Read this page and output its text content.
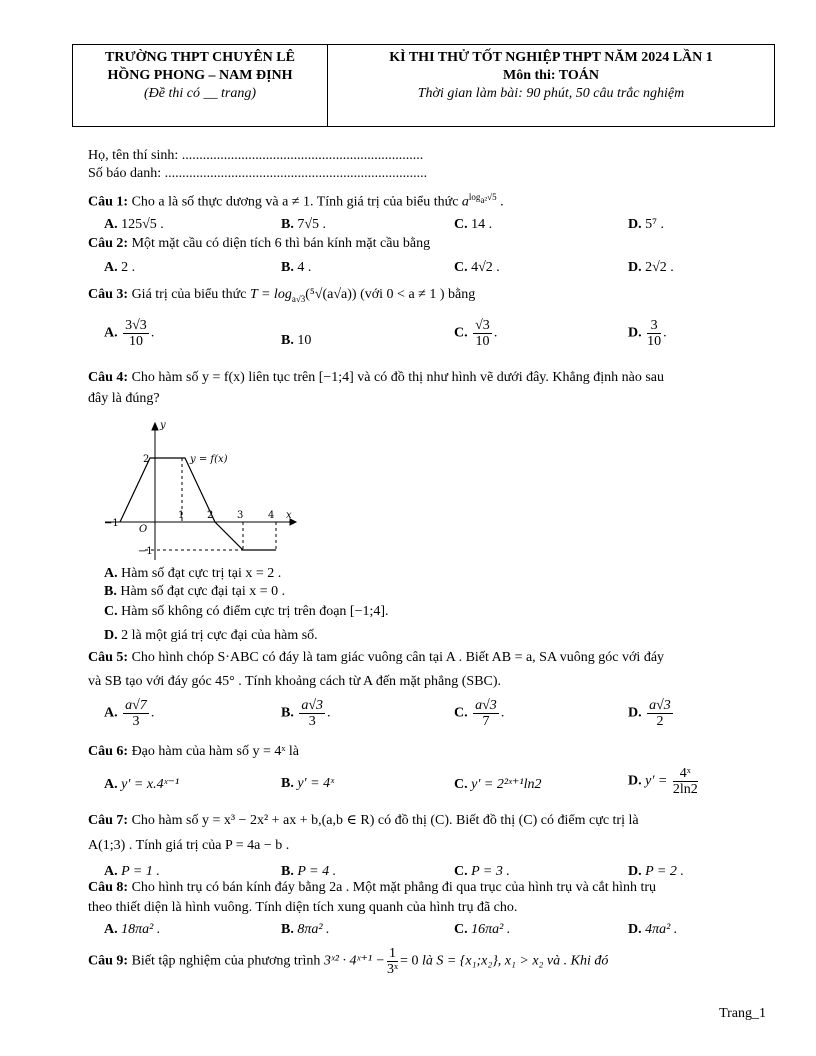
TRƯỜNG THPT CHUYÊN LÊ
HỒNG PHONG – NAM ĐỊNH
(Đề thi có __ trang)
KÌ THI THỬ TỐT NGHIỆP THPT NĂM 2024 LẦN 1
Môn thi: TOÁN
Thời gian làm bài: 90 phút, 50 câu trắc nghiệm
Họ, tên thí sinh: .....................................................................
Số báo danh: ...........................................................................
Câu 1: Cho a là số thực dương và a ≠ 1. Tính giá trị của biểu thức $a^{log_{a^2}√5}$ .
A. 125√5 .	B. 7√5 .	C. 14 .	D. 5⁷ .
Câu 2: Một mặt cầu có diện tích 6 thì bán kính mặt cầu bằng
A. 2 .	B. 4 .	C. 4√2 .	D. 2√2 .
Câu 3: Giá trị của biểu thức $T = \log_{a√3}(^5√(a√a))$ (với 0 < a ≠ 1 ) bằng
A. $\frac{3√3}{10}$ .	B. 10	C. $\frac{√3}{10}$ .	D. $\frac{3}{10}$ .
Câu 4: Cho hàm số y = f(x) liên tục trên [−1;4] và có đồ thị như hình vẽ dưới đây. Khẳng định nào sau
đây là đúng?
y = f(x)
y
x
−1
O
1 2 3 4
2
−1
A. Hàm số đạt cực trị tại x = 2 .
B. Hàm số đạt cực đại tại x = 0 .
C. Hàm số không có điểm cực trị trên đoạn [−1;4].
D. 2 là một giá trị cực đại của hàm số.
Câu 5: Cho hình chóp S·ABC có đáy là tam giác vuông cân tại A . Biết AB = a, SA vuông góc với đáy
và SB tạo với đáy góc 45° . Tính khoảng cách từ A đến mặt phẳng (SBC).
A. $\frac{a√7}{3}$ .	B. $\frac{a√3}{3}$ .	C. $\frac{a√3}{7}$ .	D. $\frac{a√3}{2}$
Câu 6: Đạo hàm của hàm số y = 4ˣ là
A. y′ = x.4ˣ⁻¹	B. y′ = 4ˣ	C. y′ = 2²ˣ⁺¹ln2	D. $y' = \frac{\text{4ˣ}}{2\ln 2}$
Câu 7: Cho hàm số y = x³ − 2x² + ax + b,(a,b ∈ R) có đồ thị (C). Biết đồ thị (C) có điểm cực trị là
A(1;3) . Tính giá trị của P = 4a − b .
A. P = 1 .	B. P = 4 .	C. P = 3 .	D. P = 2 .
Câu 8: Cho hình trụ có bán kính đáy bằng 2a . Một mặt phẳng đi qua trục của hình trụ và cắt hình trụ
theo thiết diện là hình vuông. Tính diện tích xung quanh của hình trụ đã cho.
A. 18πa² .	B. 8πa² .	C. 16πa² .	D. 4πa² .
Câu 9: Biết tập nghiệm của phương trình 3ˣ² · 4ˣ⁺¹ − $\frac{1}{\text{3ˣ}} = 0$ là S = {x₁;x₂}, x₁ > x₂ và . Khi đó
Trang_1
